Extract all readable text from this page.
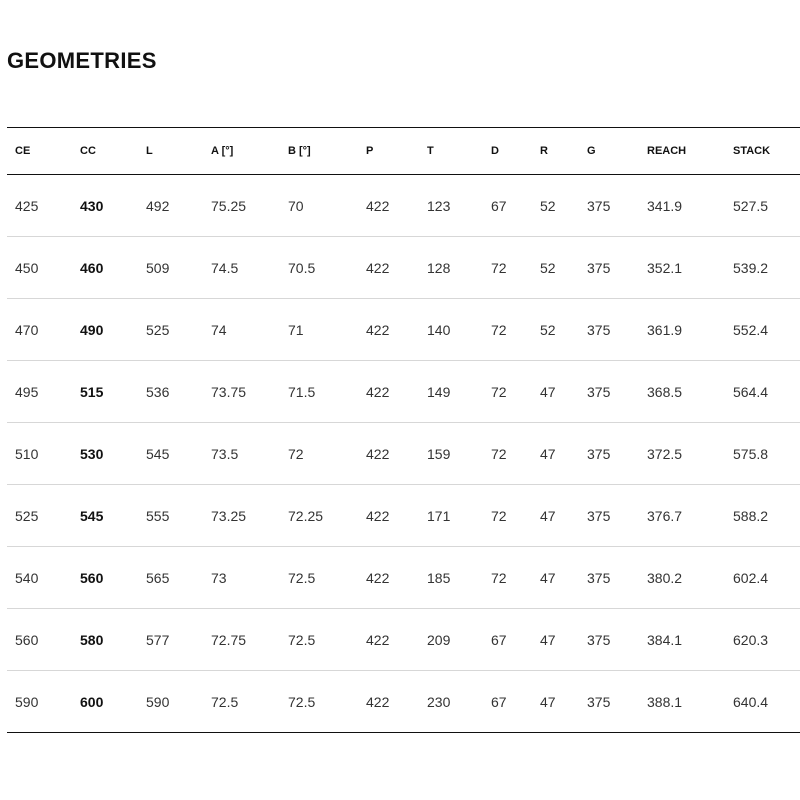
GEOMETRIES
CE	CC	L	A [°]	B [°]	P	T	D	R	G	REACH	STACK
425	430	492	75.25	70	422	123	67	52	375	341.9	527.5
450	460	509	74.5	70.5	422	128	72	52	375	352.1	539.2
470	490	525	74	71	422	140	72	52	375	361.9	552.4
495	515	536	73.75	71.5	422	149	72	47	375	368.5	564.4
510	530	545	73.5	72	422	159	72	47	375	372.5	575.8
525	545	555	73.25	72.25	422	171	72	47	375	376.7	588.2
540	560	565	73	72.5	422	185	72	47	375	380.2	602.4
560	580	577	72.75	72.5	422	209	67	47	375	384.1	620.3
590	600	590	72.5	72.5	422	230	67	47	375	388.1	640.4
